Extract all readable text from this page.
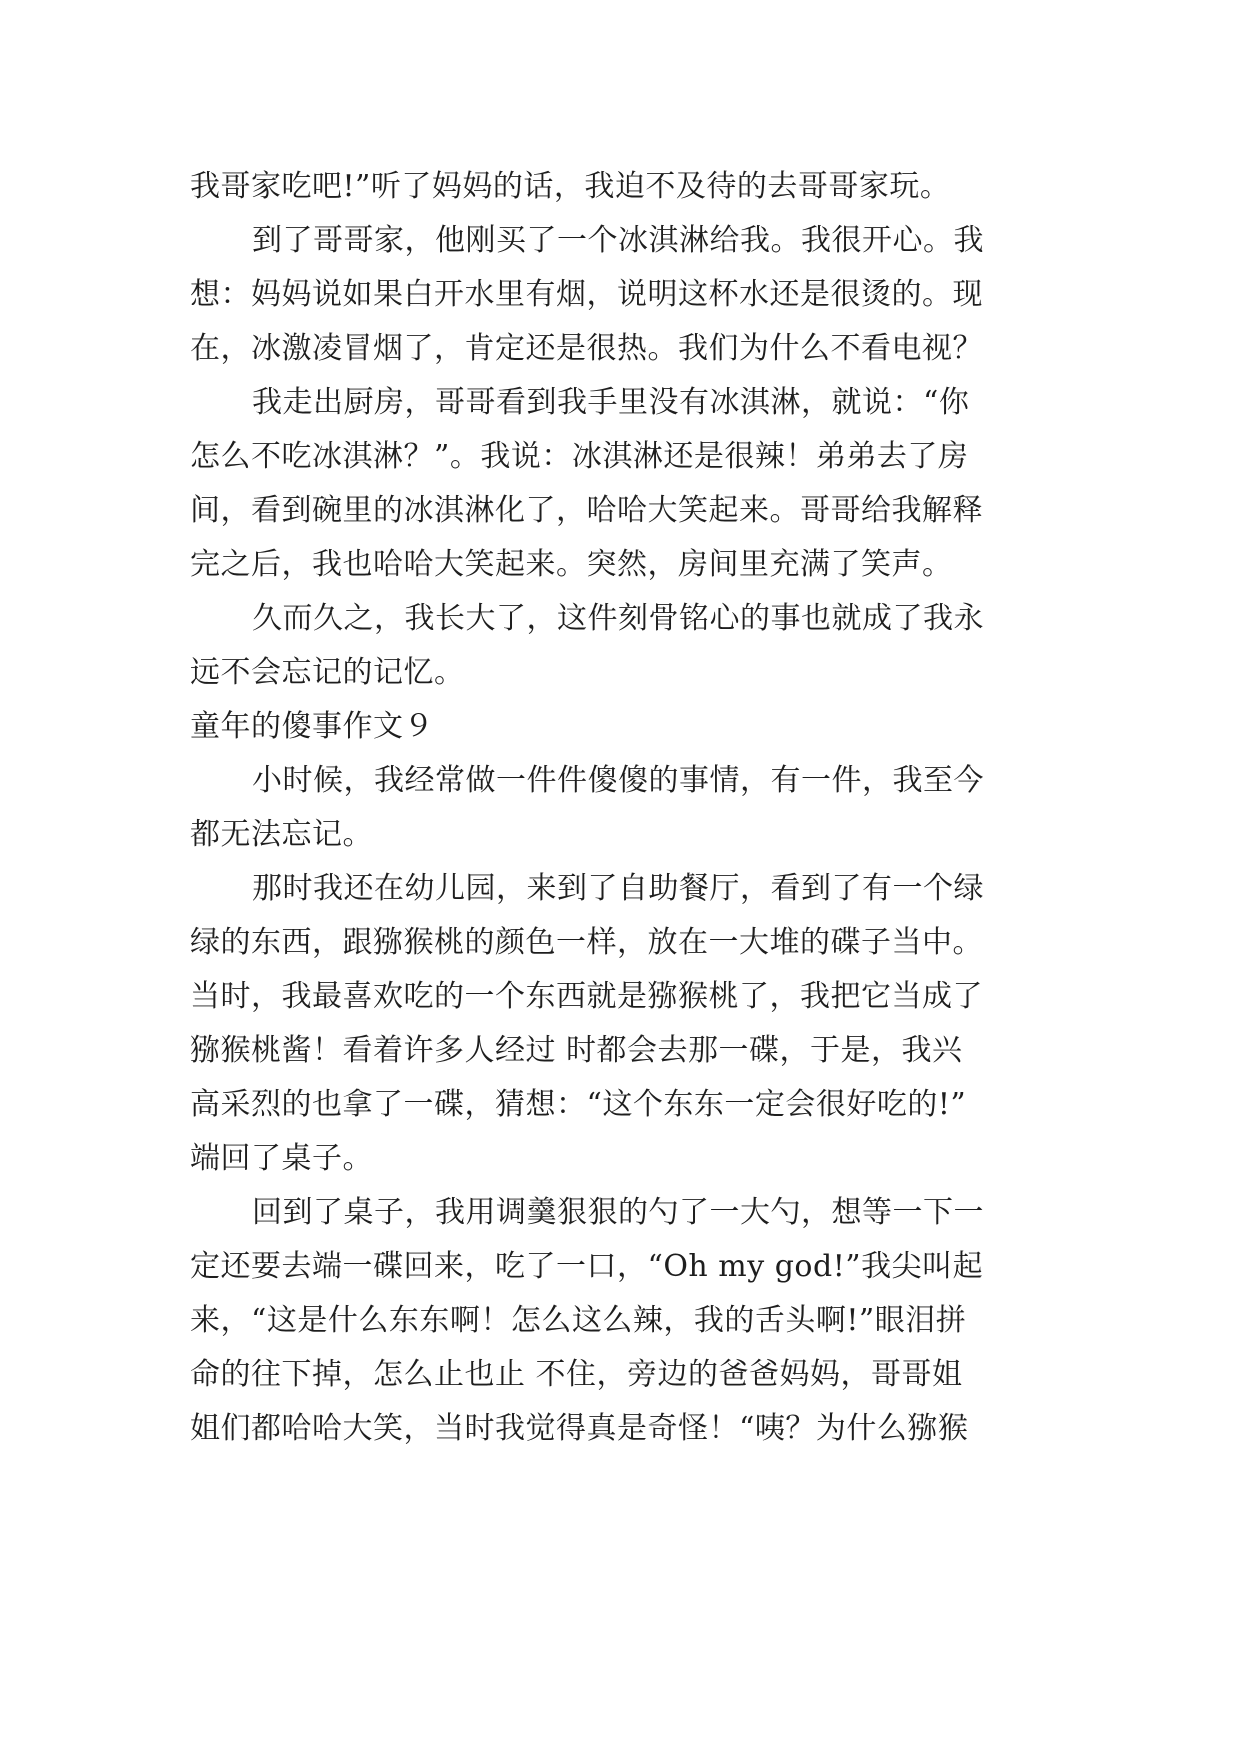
我哥家吃吧!”听了妈妈的话，我迫不及待的去哥哥家玩。
到了哥哥家，他刚买了一个冰淇淋给我。我很开心。我
想：妈妈说如果白开水里有烟，说明这杯水还是很烫的。现
在，冰激凌冒烟了，肯定还是很热。我们为什么不看电视？
我走出厨房，哥哥看到我手里没有冰淇淋，就说：“你
怎么不吃冰淇淋？”。我说：冰淇淋还是很辣！弟弟去了房
间，看到碗里的冰淇淋化了，哈哈大笑起来。哥哥给我解释
完之后，我也哈哈大笑起来。突然，房间里充满了笑声。
久而久之，我长大了，这件刻骨铭心的事也就成了我永
远不会忘记的记忆。
童年的傻事作文９
小时候，我经常做一件件傻傻的事情，有一件，我至今
都无法忘记。
那时我还在幼儿园，来到了自助餐厅，看到了有一个绿
绿的东西，跟猕猴桃的颜色一样，放在一大堆的碟子当中。
当时，我最喜欢吃的一个东西就是猕猴桃了，我把它当成了
猕猴桃酱！看着许多人经过 时都会去那一碟，于是，我兴
高采烈的也拿了一碟，猜想：“这个东东一定会很好吃的!”
端回了桌子。
回到了桌子，我用调羹狠狠的勺了一大勺，想等一下一
定还要去端一碟回来，吃了一口，“Oh my god!”我尖叫起
来，“这是什么东东啊！怎么这么辣，我的舌头啊!”眼泪拼
命的往下掉，怎么止也止 不住，旁边的爸爸妈妈，哥哥姐
姐们都哈哈大笑，当时我觉得真是奇怪！“咦？为什么猕猴
